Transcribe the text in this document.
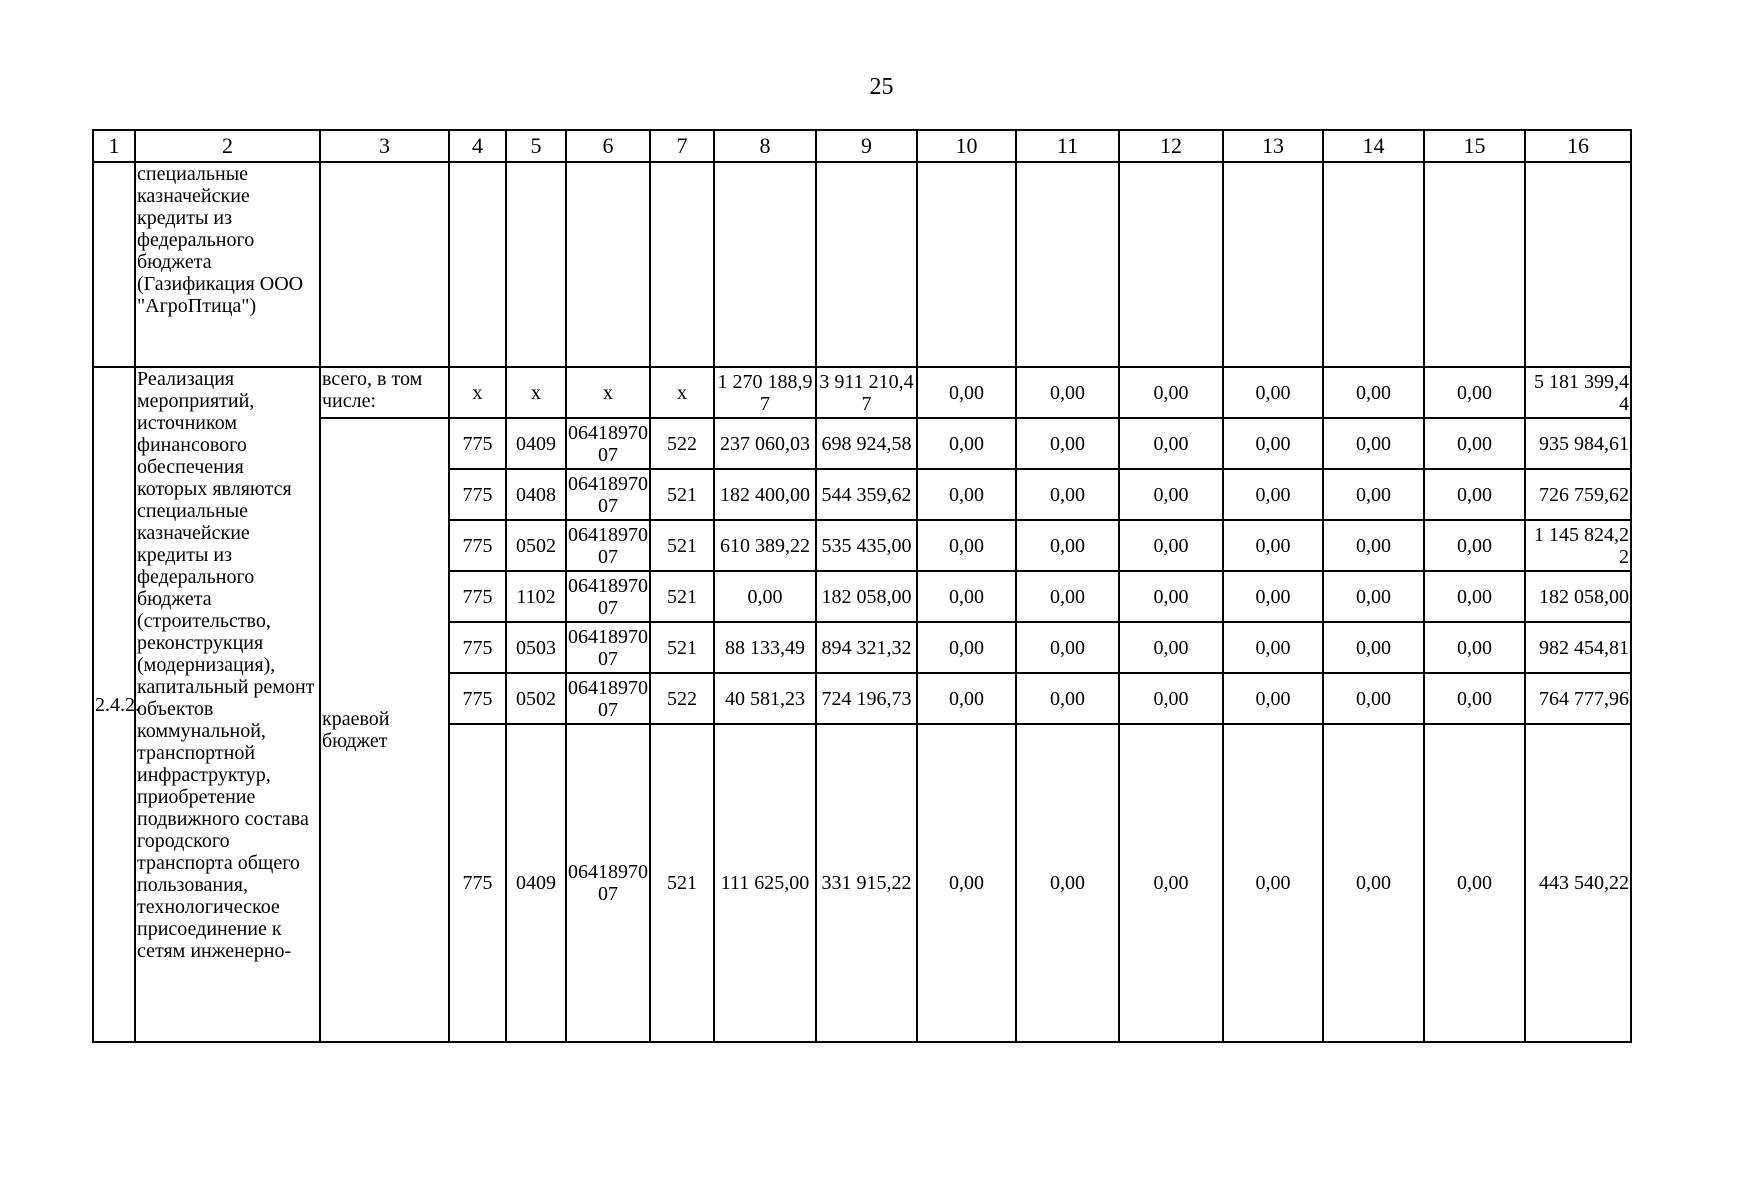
25
1	2	3	4	5	6	7	8	9	10	11	12	13	14	15	16
	специальные казначейские кредиты из федерального бюджета (Газификация ООО "АгроПтица")														
2.4.2.	Реализация мероприятий, источником финансового обеспечения которых являются специальные казначейские кредиты из федерального бюджета (строительство, реконструкция (модернизация), капитальный ремонт объектов коммунальной, транспортной инфраструктур, приобретение подвижного состава городского транспорта общего пользования, технологическое присоединение к сетям инженерно-	всего, в том числе:	х	х	х	х	1 270 188,97	3 911 210,47	0,00	0,00	0,00	0,00	0,00	0,00	5 181 399,44
		краевой бюджет	775	0409	0641897007	522	237 060,03	698 924,58	0,00	0,00	0,00	0,00	0,00	0,00	935 984,61
			775	0408	0641897007	521	182 400,00	544 359,62	0,00	0,00	0,00	0,00	0,00	0,00	726 759,62
			775	0502	0641897007	521	610 389,22	535 435,00	0,00	0,00	0,00	0,00	0,00	0,00	1 145 824,22
			775	1102	0641897007	521	0,00	182 058,00	0,00	0,00	0,00	0,00	0,00	0,00	182 058,00
			775	0503	0641897007	521	88 133,49	894 321,32	0,00	0,00	0,00	0,00	0,00	0,00	982 454,81
			775	0502	0641897007	522	40 581,23	724 196,73	0,00	0,00	0,00	0,00	0,00	0,00	764 777,96
			775	0409	0641897007	521	111 625,00	331 915,22	0,00	0,00	0,00	0,00	0,00	0,00	443 540,22
